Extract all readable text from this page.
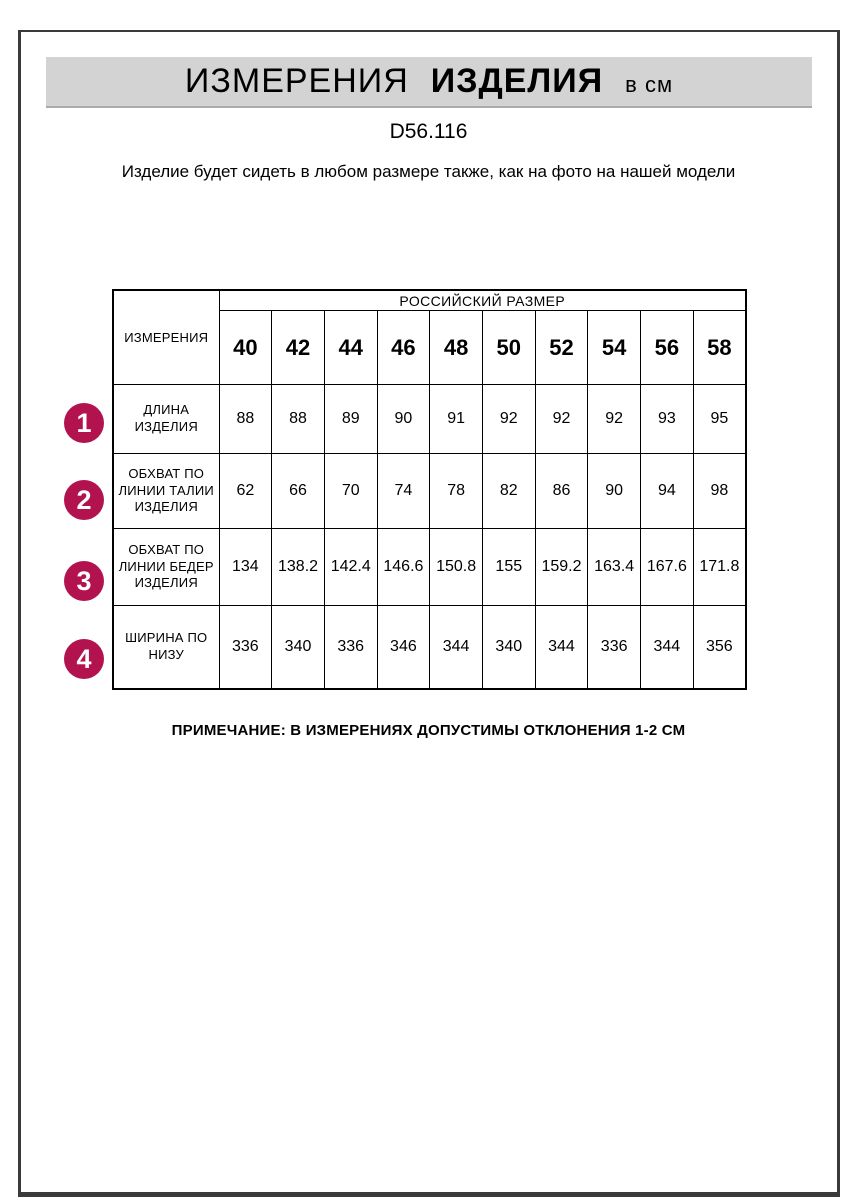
ИЗМЕРЕНИЯ ИЗДЕЛИЯ в см
D56.116
Изделие будет сидеть в любом размере также, как на фото на нашей модели
ИЗМЕРЕНИЯ	РОССИЙСКИЙ РАЗМЕР									
	40	42	44	46	48	50	52	54	56	58
ДЛИНА ИЗДЕЛИЯ	88	88	89	90	91	92	92	92	93	95
ОБХВАТ ПО ЛИНИИ ТАЛИИ ИЗДЕЛИЯ	62	66	70	74	78	82	86	90	94	98
ОБХВАТ ПО ЛИНИИ БЕДЕР ИЗДЕЛИЯ	134	138.2	142.4	146.6	150.8	155	159.2	163.4	167.6	171.8
ШИРИНА ПО НИЗУ	336	340	336	346	344	340	344	336	344	356
1
2
3
4
ПРИМЕЧАНИЕ: В ИЗМЕРЕНИЯХ ДОПУСТИМЫ ОТКЛОНЕНИЯ 1-2 СМ
